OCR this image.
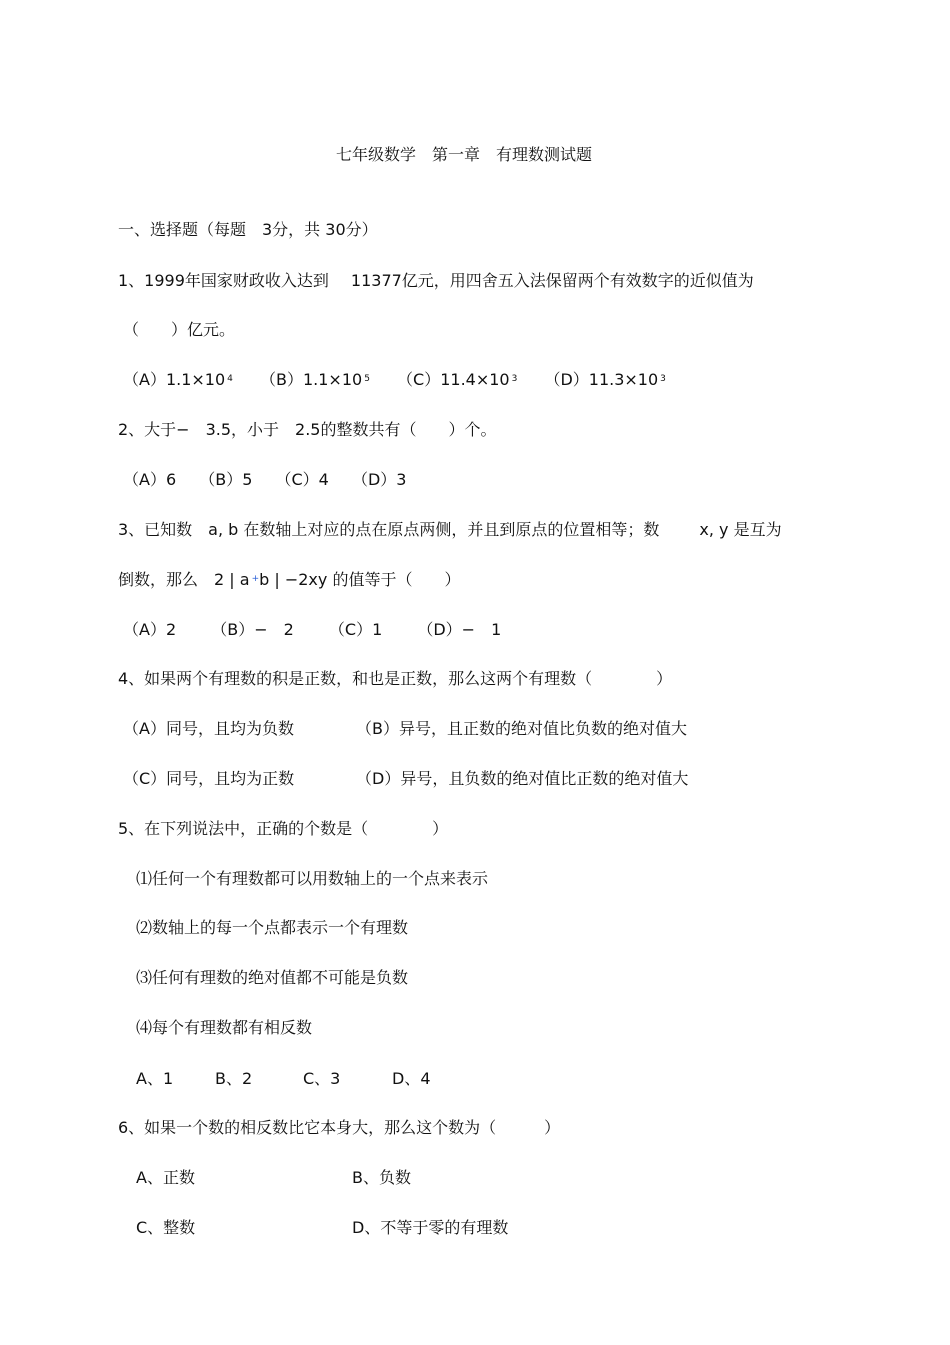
七年级数学　第一章　有理数测试题
一、选择题（每题　3分，共 30分）
1、1999年国家财政收入达到 11377亿元，用四舍五入法保留两个有效数字的近似值为
（　　）亿元。
（A）1.1×10 $^4$ （B）1.1×10 $^5$ （C）11.4×10 $^3$ （D）11.3×10 $^3$
2、大于−　3.5，小于　2.5的整数共有（　　）个。
（A）6 （B）5 （C）4 （D）3
3、已知数　a, b 在数轴上对应的点在原点两侧，并且到原点的位置相等；数	x, y 是互为
倒数，那么　2 | a +b | −2xy 的值等于（　　）
（A）2 （B）−　2 （C）1 （D）−　1
4、如果两个有理数的积是正数，和也是正数，那么这两个有理数（　　　　）
（A）同号，且均为负数	（B）异号，且正数的绝对值比负数的绝对值大
（C）同号，且均为正数	（D）异号，且负数的绝对值比正数的绝对值大
5、在下列说法中，正确的个数是（　　　　）
⑴任何一个有理数都可以用数轴上的一个点来表示
⑵数轴上的每一个点都表示一个有理数
⑶任何有理数的绝对值都不可能是负数
⑷每个有理数都有相反数
A、1	B、2	C、3	D、4
6、如果一个数的相反数比它本身大，那么这个数为（　　　）
A、正数	B、负数
C、整数	D、不等于零的有理数
